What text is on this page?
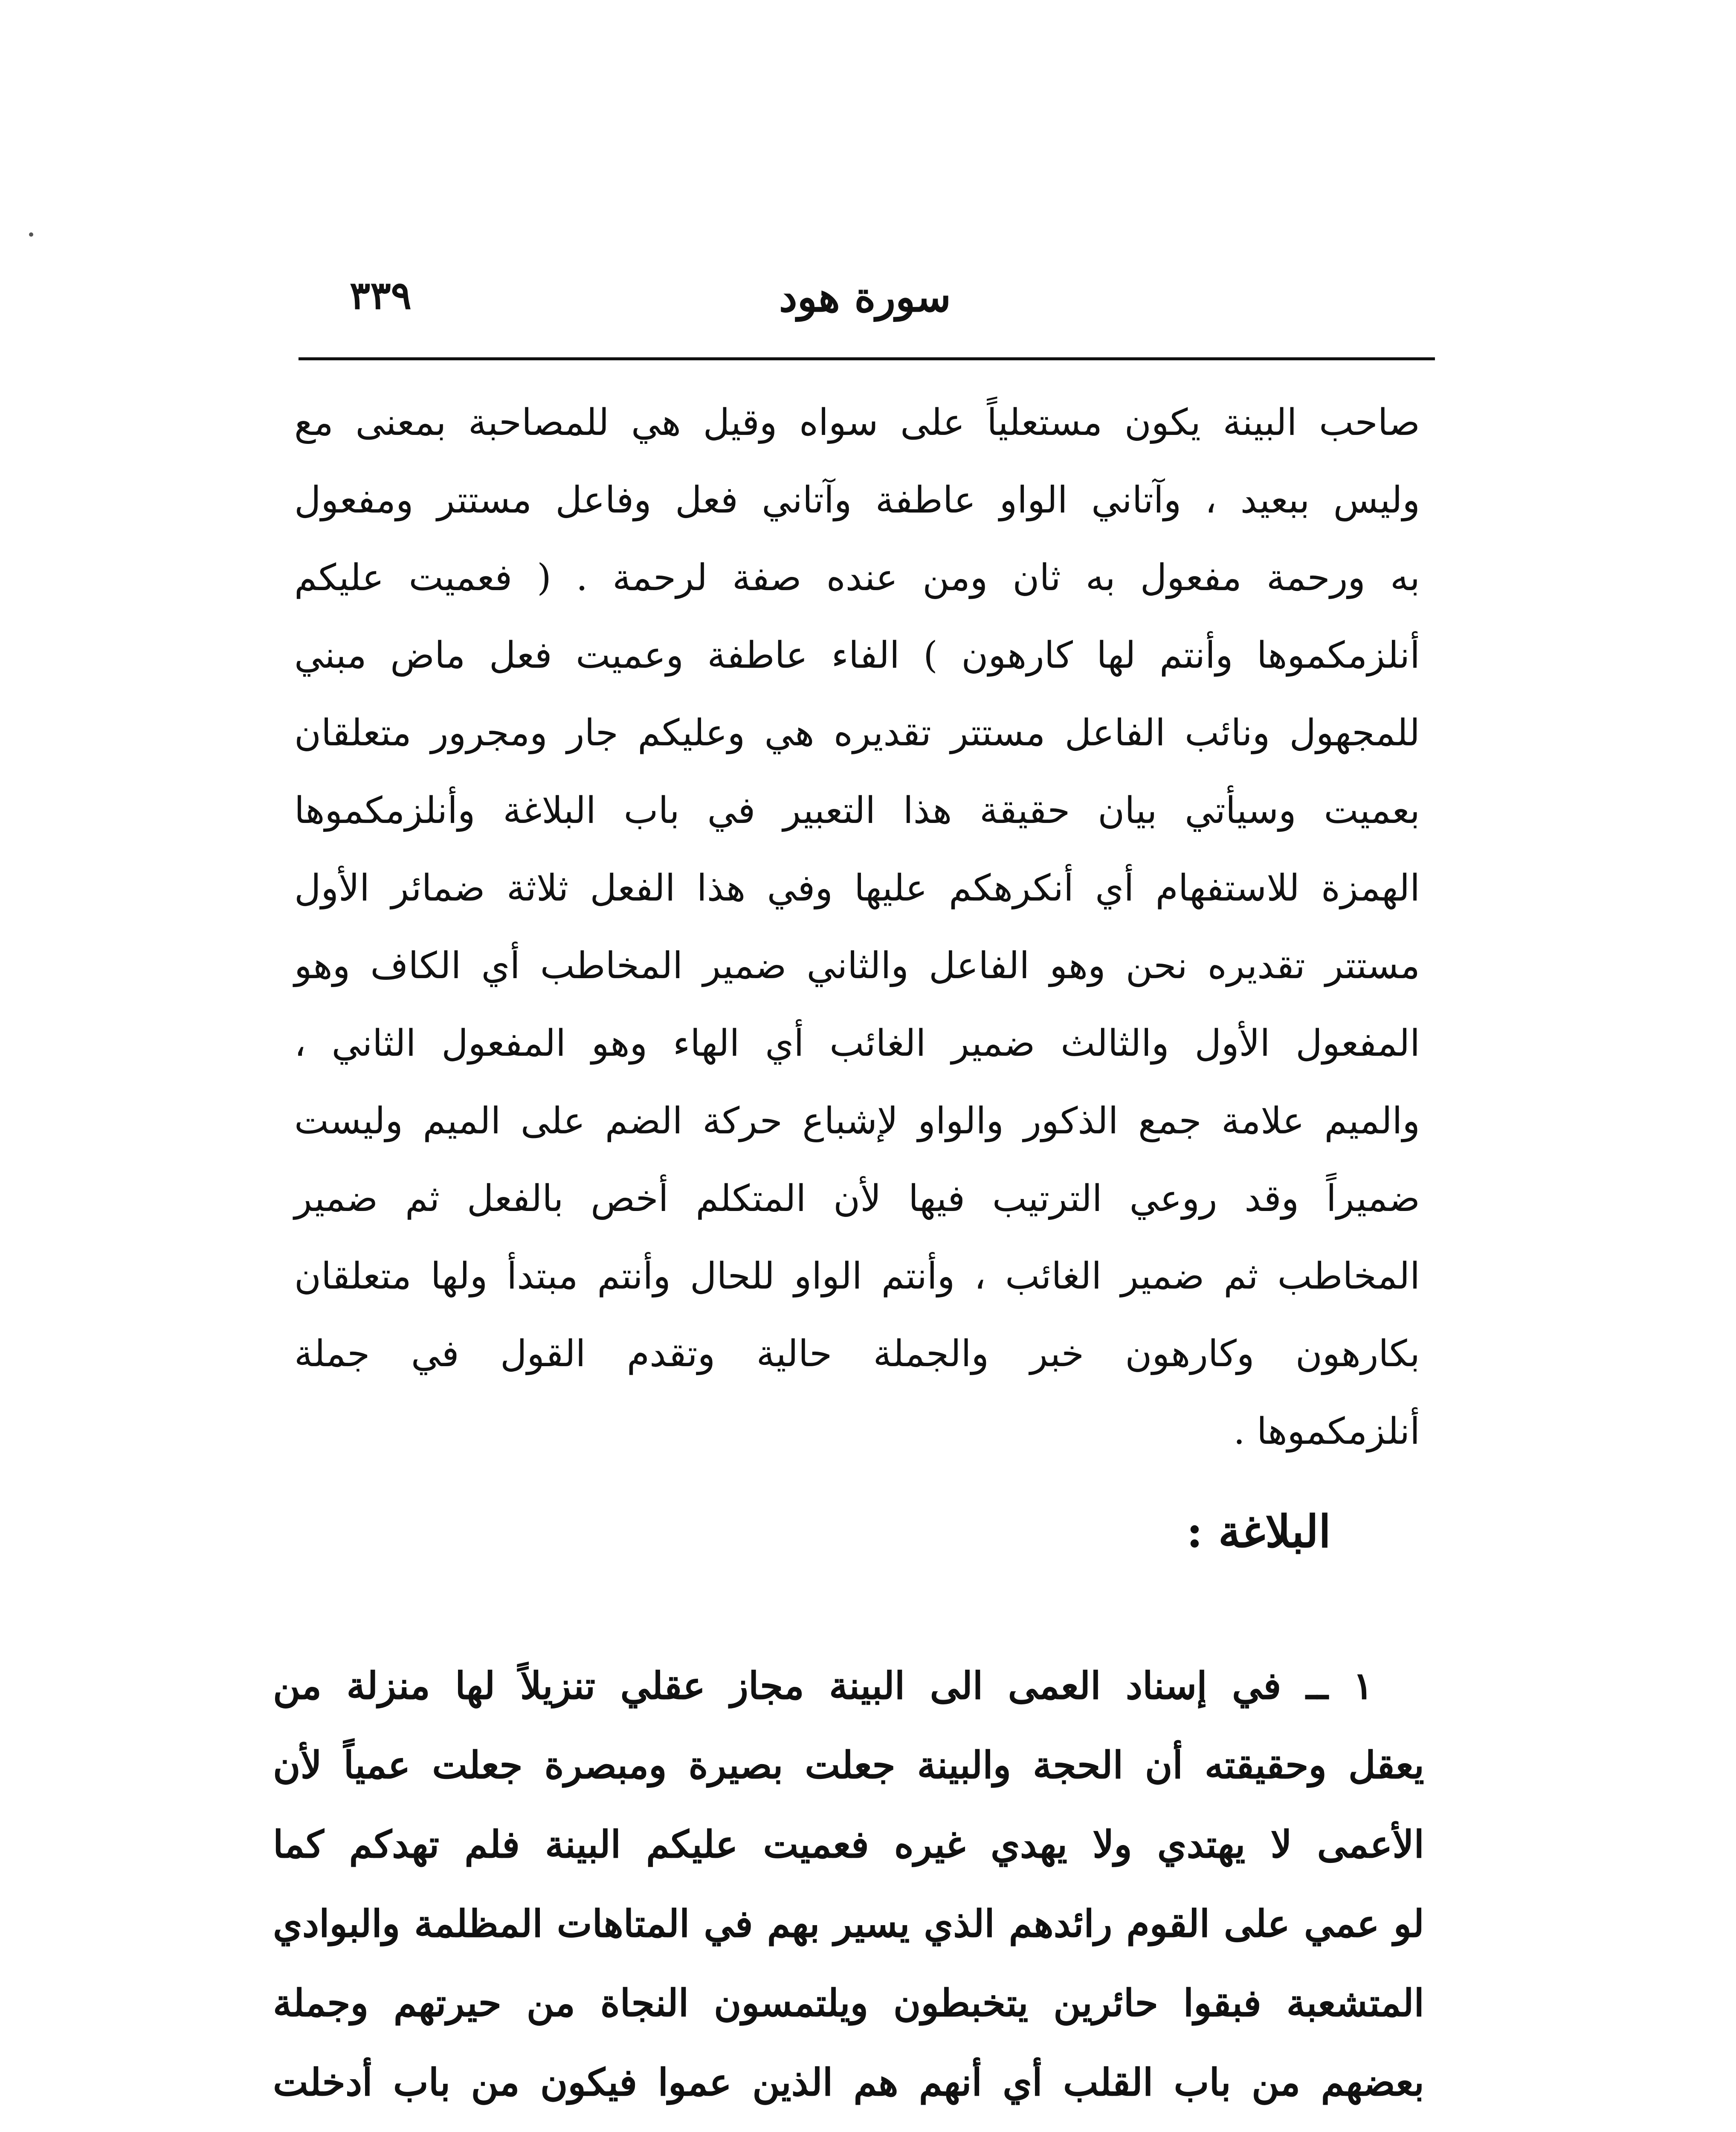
سورة هود
٣٣٩
صاحب البينة يكون مستعلياً على سواه وقيل هي للمصاحبة بمعنى مع
وليس ببعيد ، وآتاني الواو عاطفة وآتاني فعل وفاعل مستتر ومفعول
به ورحمة مفعول به ثان ومن عنده صفة لرحمة . ( فعميت عليكم
أنلزمكموها وأنتم لها كارهون ) الفاء عاطفة وعميت فعل ماض مبني
للمجهول ونائب الفاعل مستتر تقديره هي وعليكم جار ومجرور متعلقان
بعميت وسيأتي بيان حقيقة هذا التعبير في باب البلاغة وأنلزمكموها
الهمزة للاستفهام أي أنكرهكم عليها وفي هذا الفعل ثلاثة ضمائر الأول
مستتر تقديره نحن وهو الفاعل والثاني ضمير المخاطب أي الكاف وهو
المفعول الأول والثالث ضمير الغائب أي الهاء وهو المفعول الثاني ،
والميم علامة جمع الذكور والواو لإشباع حركة الضم على الميم وليست
ضميراً وقد روعي الترتيب فيها لأن المتكلم أخص بالفعل ثم ضمير
المخاطب ثم ضمير الغائب ، وأنتم الواو للحال وأنتم مبتدأ ولها متعلقان
بكارهون وكارهون خبر والجملة حالية وتقدم القول في جملة
أنلزمكموها .
البلاغة :
١ ــ في إسناد العمى الى البينة مجاز عقلي تنزيلاً لها منزلة من
يعقل وحقيقته أن الحجة والبينة جعلت بصيرة ومبصرة جعلت عمياً لأن
الأعمى لا يهتدي ولا يهدي غيره فعميت عليكم البينة فلم تهدكم كما
لو عمي على القوم رائدهم الذي يسير بهم في المتاهات المظلمة والبوادي
المتشعبة فبقوا حائرين يتخبطون ويلتمسون النجاة من حيرتهم وجملة
بعضهم من باب القلب أي أنهم هم الذين عموا فيكون من باب أدخلت
